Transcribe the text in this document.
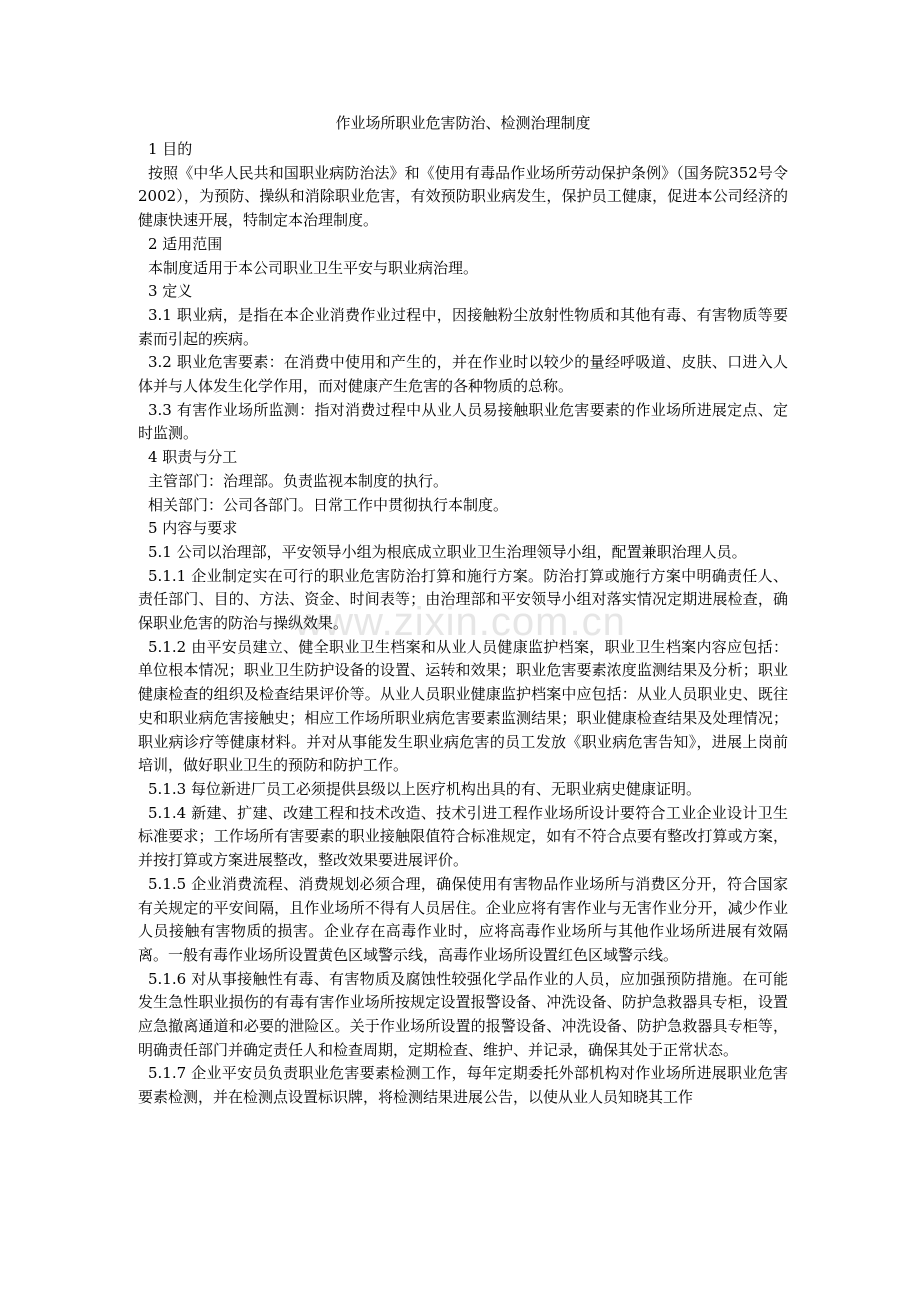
www.zixin.com.cn
作业场所职业危害防治、检测治理制度

1 目的

按照《中华人民共和国职业病防治法》和《使用有毒品作业场所劳动保护条例》（国务院352号令2002），为预防、操纵和消除职业危害，有效预防职业病发生，保护员工健康，促进本公司经济的健康快速开展，特制定本治理制度。

2 适用范围

本制度适用于本公司职业卫生平安与职业病治理。

3 定义

3.1 职业病，是指在本企业消费作业过程中，因接触粉尘放射性物质和其他有毒、有害物质等要素而引起的疾病。

3.2 职业危害要素：在消费中使用和产生的，并在作业时以较少的量经呼吸道、皮肤、口进入人体并与人体发生化学作用，而对健康产生危害的各种物质的总称。

3.3 有害作业场所监测：指对消费过程中从业人员易接触职业危害要素的作业场所进展定点、定时监测。

4 职责与分工

主管部门：治理部。负责监视本制度的执行。

相关部门：公司各部门。日常工作中贯彻执行本制度。

5 内容与要求

5.1 公司以治理部，平安领导小组为根底成立职业卫生治理领导小组，配置兼职治理人员。

5.1.1 企业制定实在可行的职业危害防治打算和施行方案。防治打算或施行方案中明确责任人、责任部门、目的、方法、资金、时间表等；由治理部和平安领导小组对落实情况定期进展检查，确保职业危害的防治与操纵效果。

5.1.2 由平安员建立、健全职业卫生档案和从业人员健康监护档案，职业卫生档案内容应包括：单位根本情况；职业卫生防护设备的设置、运转和效果；职业危害要素浓度监测结果及分析；职业健康检查的组织及检查结果评价等。从业人员职业健康监护档案中应包括：从业人员职业史、既往史和职业病危害接触史；相应工作场所职业病危害要素监测结果；职业健康检查结果及处理情况；职业病诊疗等健康材料。并对从事能发生职业病危害的员工发放《职业病危害告知》，进展上岗前培训，做好职业卫生的预防和防护工作。

5.1.3 每位新进厂员工必须提供县级以上医疗机构出具的有、无职业病史健康证明。

5.1.4 新建、扩建、改建工程和技术改造、技术引进工程作业场所设计要符合工业企业设计卫生标准要求；工作场所有害要素的职业接触限值符合标准规定，如有不符合点要有整改打算或方案，并按打算或方案进展整改，整改效果要进展评价。

5.1.5 企业消费流程、消费规划必须合理，确保使用有害物品作业场所与消费区分开，符合国家有关规定的平安间隔，且作业场所不得有人员居住。企业应将有害作业与无害作业分开，减少作业人员接触有害物质的损害。企业存在高毒作业时，应将高毒作业场所与其他作业场所进展有效隔离。一般有毒作业场所设置黄色区域警示线，高毒作业场所设置红色区域警示线。

5.1.6 对从事接触性有毒、有害物质及腐蚀性较强化学品作业的人员，应加强预防措施。在可能发生急性职业损伤的有毒有害作业场所按规定设置报警设备、冲洗设备、防护急救器具专柜，设置应急撤离通道和必要的泄险区。关于作业场所设置的报警设备、冲洗设备、防护急救器具专柜等，明确责任部门并确定责任人和检查周期，定期检查、维护、并记录，确保其处于正常状态。

5.1.7 企业平安员负责职业危害要素检测工作，每年定期委托外部机构对作业场所进展职业危害要素检测，并在检测点设置标识牌，将检测结果进展公告，以使从业人员知晓其工作
